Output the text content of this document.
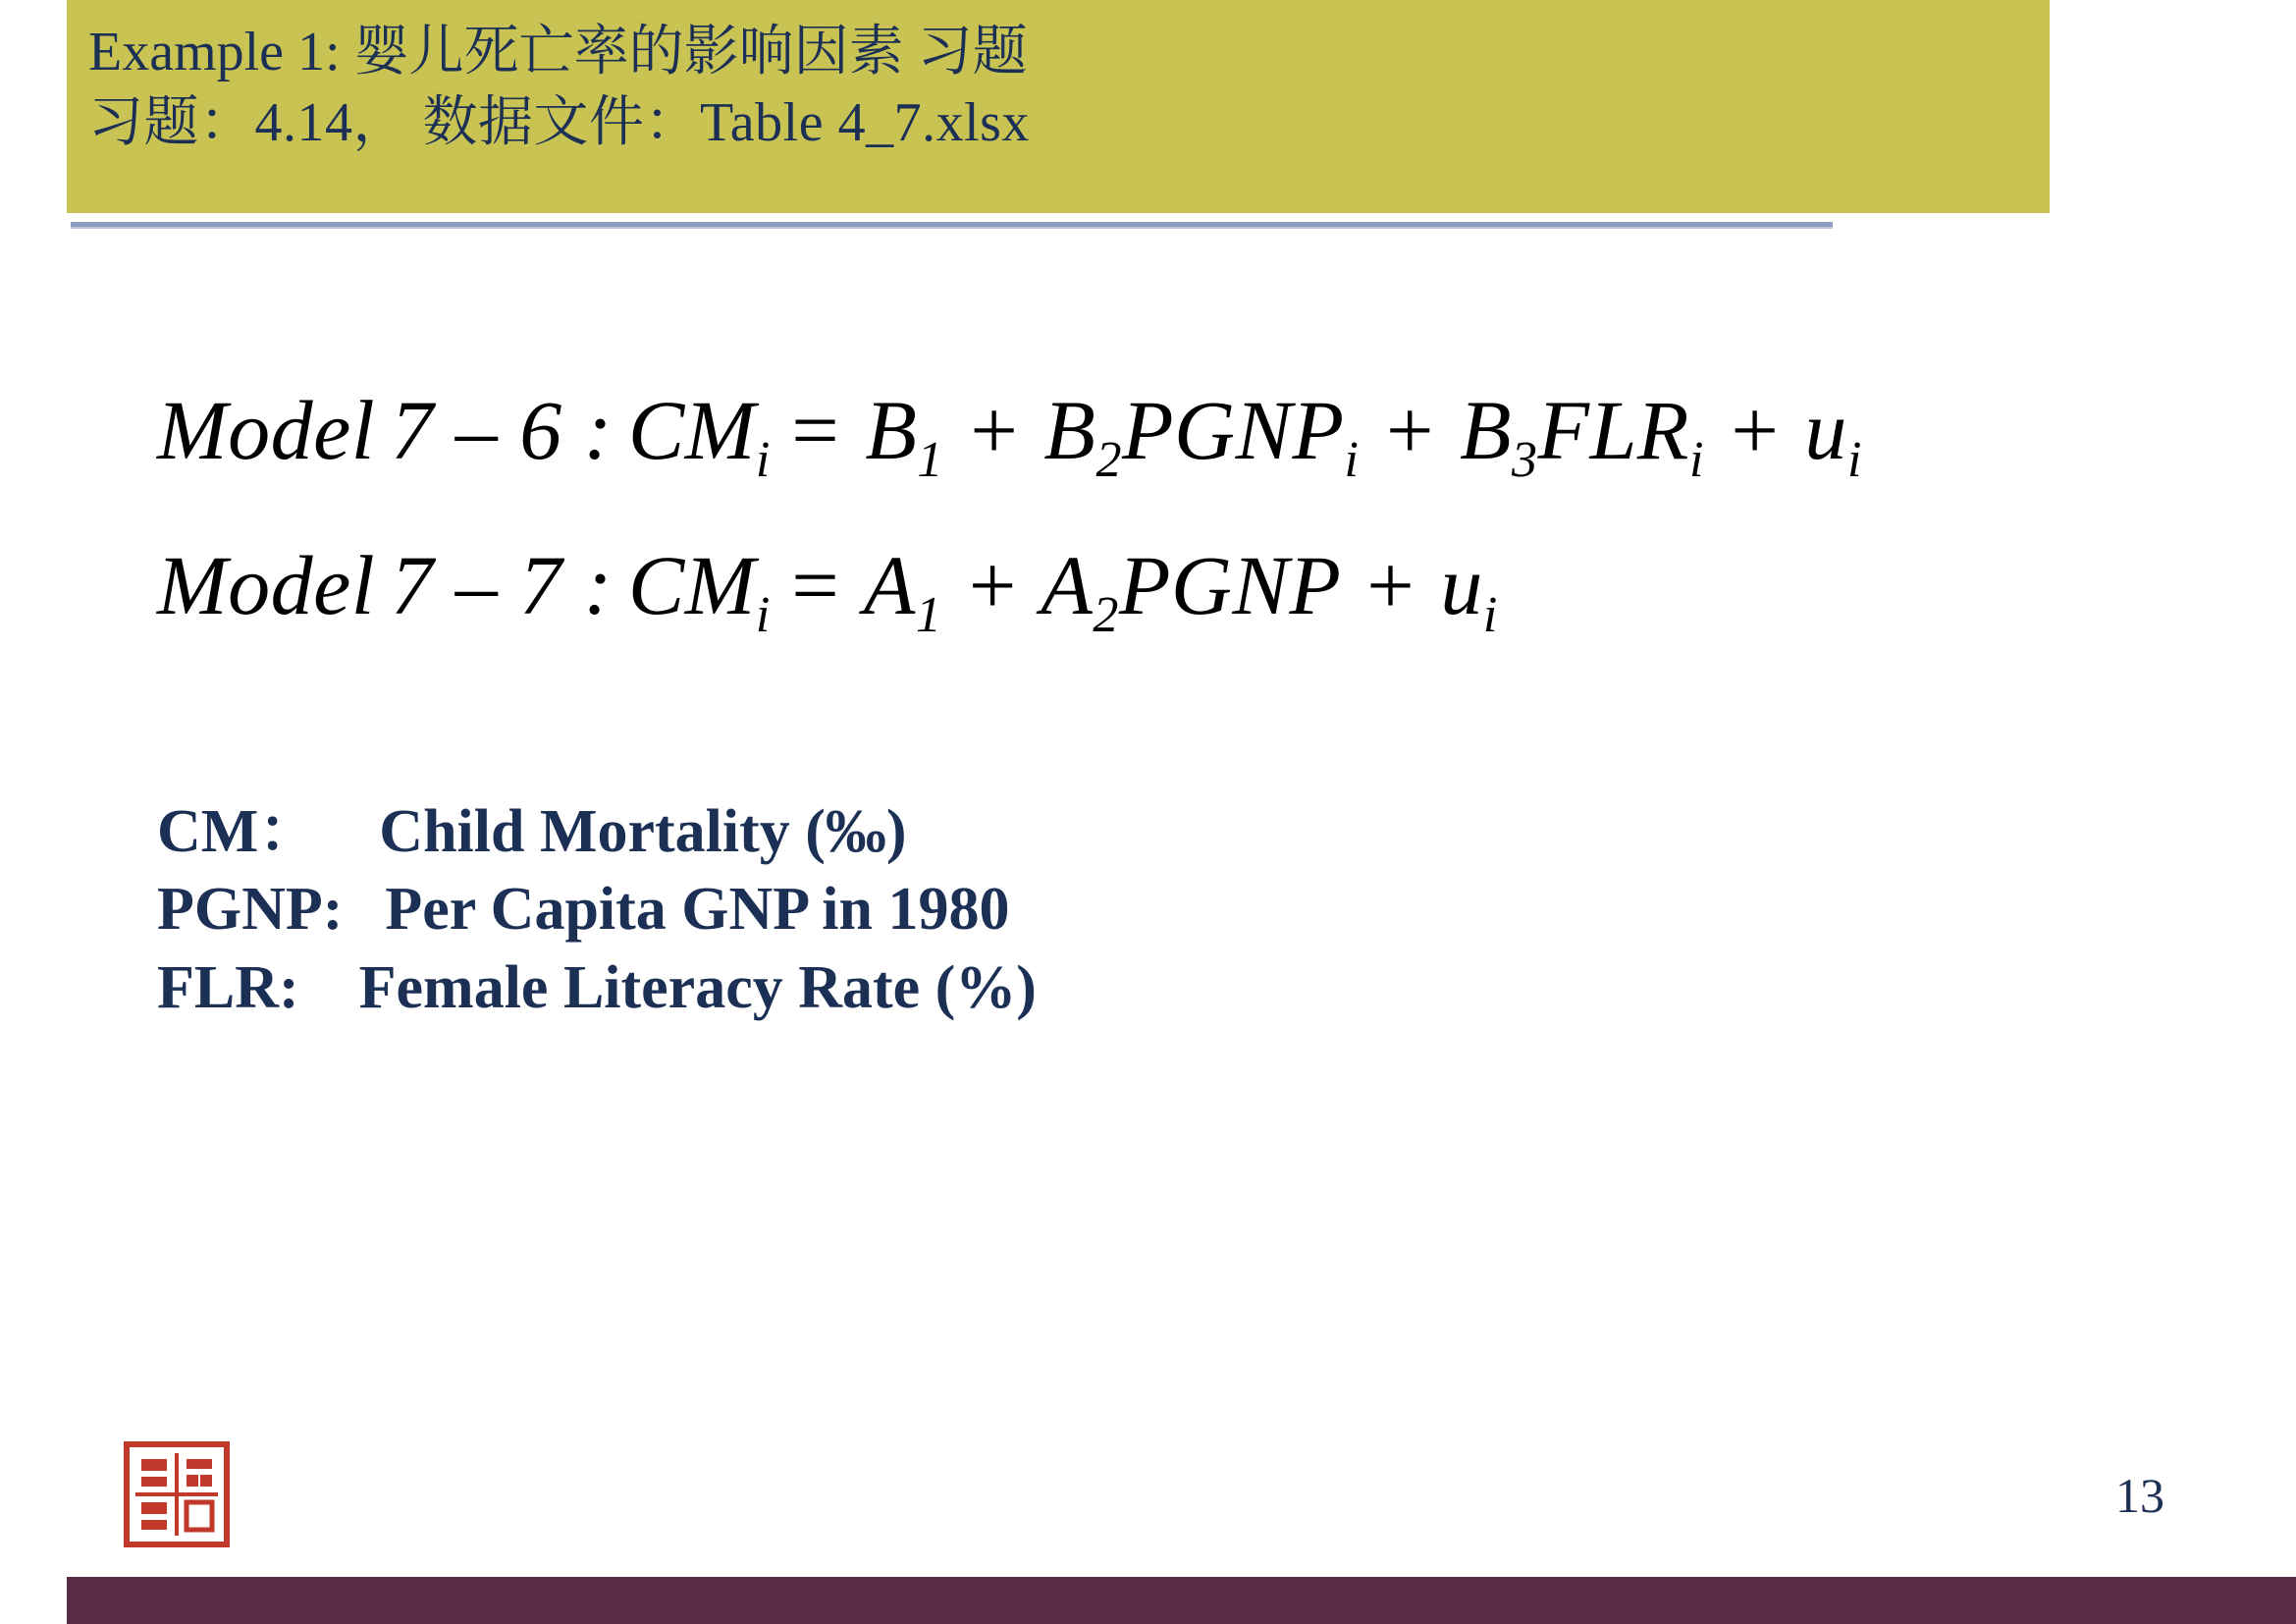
Example 1: 婴儿死亡率的影响因素 习题
习题：4.14， 数据文件：Table 4_7.xlsx
Model 7 – 6 : $CM_i = B_1$ + $B_2PGNP_i + B_3FLR_i + u_i$
Model 7 – 7 : $CM_i = A_1$ + $A_2PGNP + u_i$
CM： Child Mortality (‰)
PGNP: Per Capita GNP in 1980
FLR: Female Literacy Rate (%)
13
